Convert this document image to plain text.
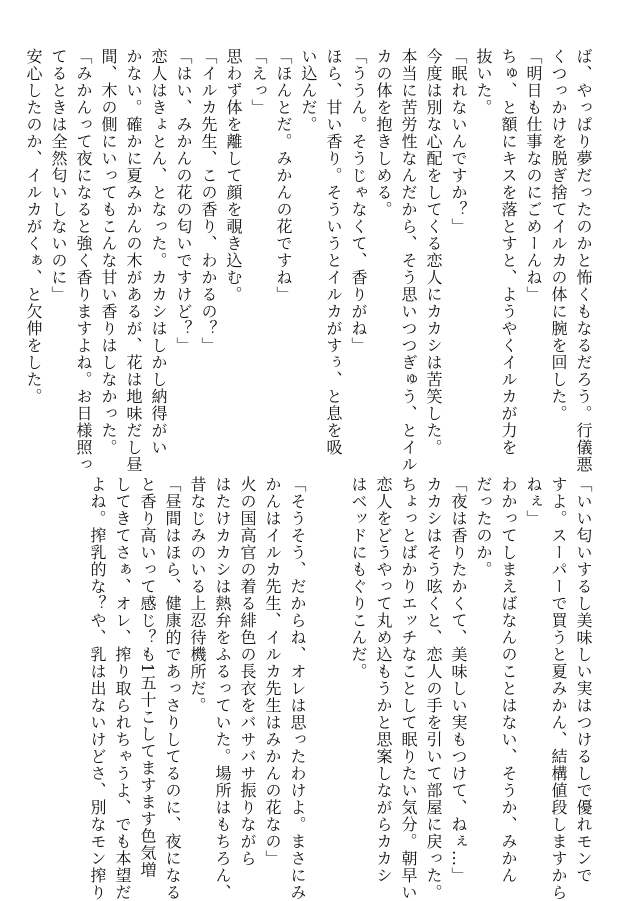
ば、やっぱり夢だったのかと怖くもなるだろう。行儀悪
くつっかけを脱ぎ捨てイルカの体に腕を回した。
「明日も仕事なのにごめーんね」
ちゅ、と額にキスを落とすと、ようやくイルカが力を
抜いた。
「眠れないんですか？」
今度は別な心配をしてくる恋人にカカシは苦笑した。
本当に苦労性なんだから、そう思いつつぎゅう、とイル
カの体を抱きしめる。
「ううん。そうじゃなくて、香りがね」
ほら、甘い香り。そういうとイルカがすぅ、と息を吸
い込んだ。
「ほんとだ。みかんの花ですね」
「えっ」
思わず体を離して顔を覗き込む。
「イルカ先生、この香り、わかるの？」
「はい、みかんの花の匂いですけど？」
恋人はきょとん、となった。カカシはしかし納得がい
かない。確かに夏みかんの木があるが、花は地味だし昼
間、木の側にいってもこんな甘い香りはしなかった。
「みかんって夜になると強く香りますよね。お日様照っ
てるときは全然匂いしないのに」
安心したのか、イルカがくぁ、と欠伸をした。
「いい匂いするし美味しい実はつけるしで優れモンで
すよ。スーパーで買うと夏みかん、結構値段しますから
ねぇ」
わかってしまえばなんのことはない、そうか、みかん
だったのか。
「夜は香りたかくて、美味しい実もつけて、ねぇ…」
カカシはそう呟くと、恋人の手を引いて部屋に戻った。
ちょっとばかりエッチなことして眠りたい気分。朝早い
恋人をどうやって丸め込もうかと思案しながらカカシ
はベッドにもぐりこんだ。
「そうそう、だからね、オレは思ったわけよ。まさにみ
かんはイルカ先生、イルカ先生はみかんの花なの」
火の国高官の着る緋色の長衣をバサバサ振りながら
はたけカカシは熱弁をふるっていた。場所はもちろん、
昔なじみのいる上忍待機所だ。
「昼間はほら、健康的であっさりしてるのに、夜になる
と香り高いって感じ？も1五十こしてますます色気増
してきてさぁ、オレ、搾り取られちゃうよ、でも本望だ
よね。搾乳的な？や、乳は出ないけどさ、別なモン搾り
